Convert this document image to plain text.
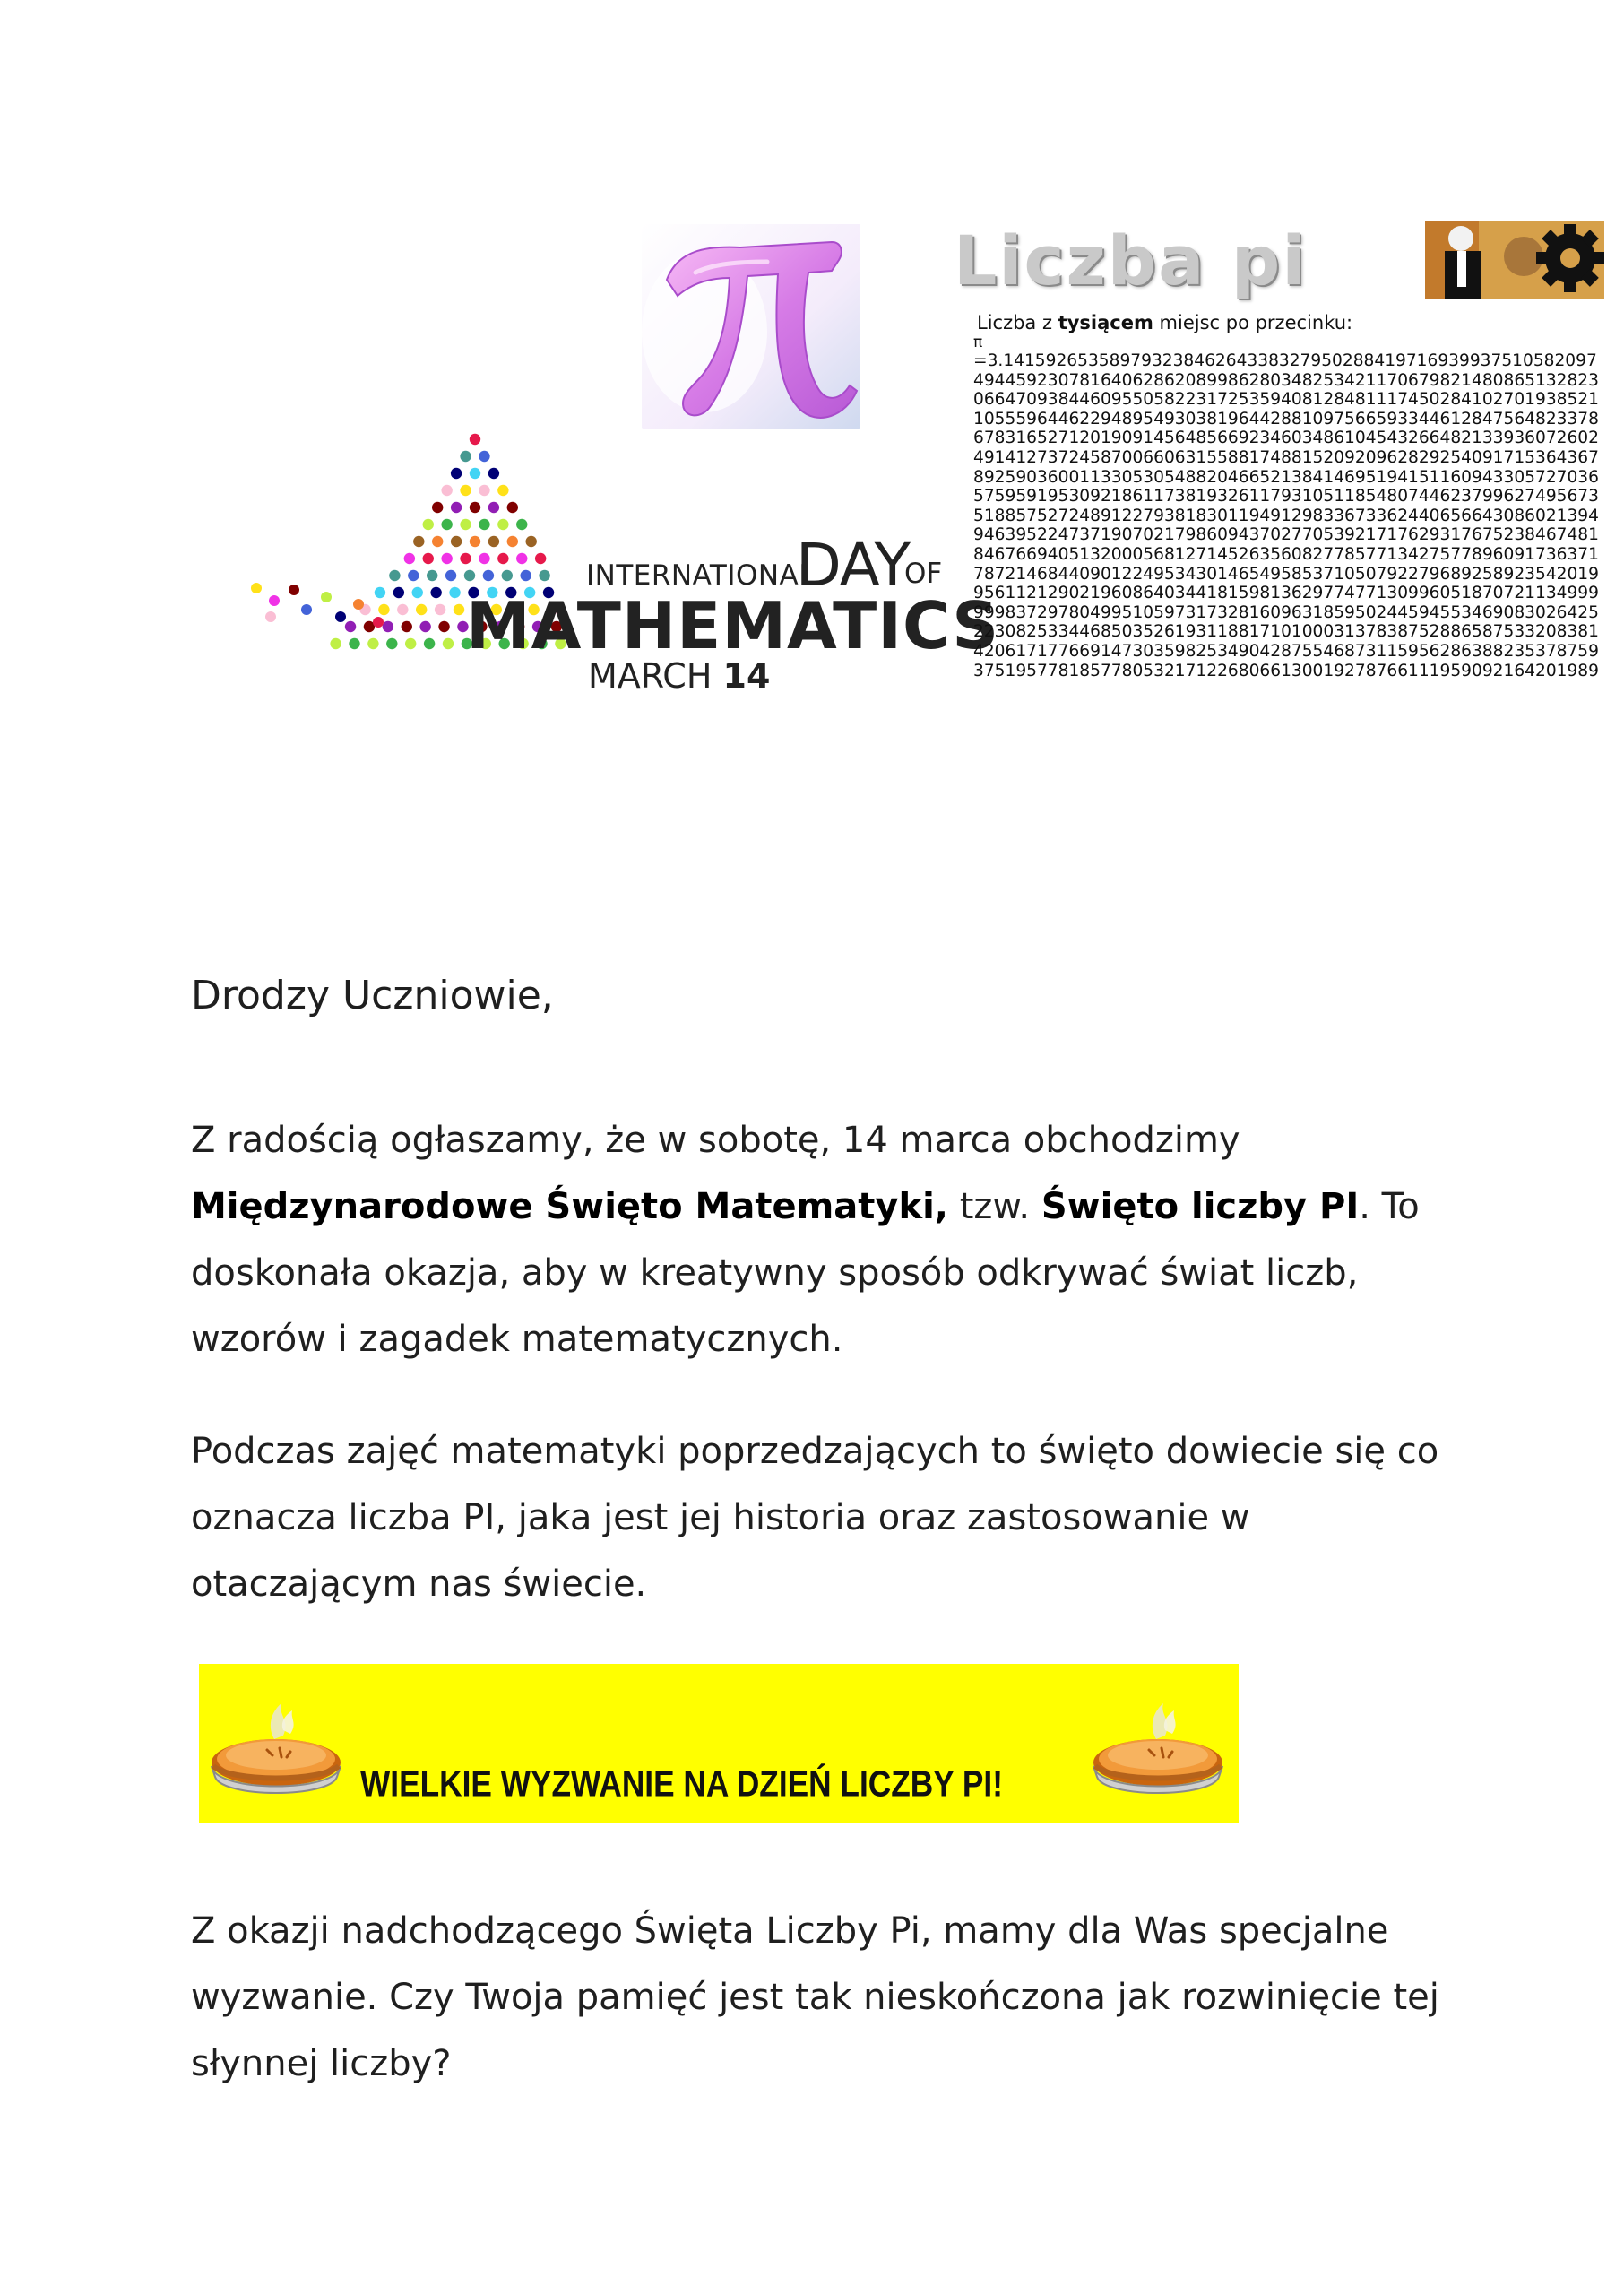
INTERNATIONAL
DAY
OF
MATHEMATICS
MARCH 14
Liczba pi
Liczba z tysiącem miejsc po przecinku:
π
=3.1415926535897932384626433832795028841971693993751058209749445923078164062862089986280348253421170679821480865132823066470938446095505822317253594081284811174502841027019385211055596446229489549303819644288109756659334461284756482337867831652712019091456485669234603486104543266482133936072602491412737245870066063155881748815209209628292540917153643678925903600113305305488204665213841469519415116094330572703657595919530921861173819326117931051185480744623799627495673518857527248912279381830119491298336733624406566430860213949463952247371907021798609437027705392171762931767523846748184676694051320005681271452635608277857713427577896091736371787214684409012249534301465495853710507922796892589235420199561121290219608640344181598136297747713099605187072113499999983729780499510597317328160963185950244594553469083026425223082533446850352619311881710100031378387528865875332083814206171776691473035982534904287554687311595628638823537875937519577818577805321712268066130019278766111959092164201989
Drodzy Uczniowie,
Z radością ogłaszamy, że w sobotę, 14 marca obchodzimy Międzynarodowe Święto Matematyki, tzw. Święto liczby PI. To doskonała okazja, aby w kreatywny sposób odkrywać świat liczb, wzorów i zagadek matematycznych.
Podczas zajęć matematyki poprzedzających to święto dowiecie się co oznacza liczba PI, jaka jest jej historia oraz zastosowanie w otaczającym nas świecie.
WIELKIE WYZWANIE NA DZIEŃ LICZBY PI!
Z okazji nadchodzącego Święta Liczby Pi, mamy dla Was specjalne wyzwanie. Czy Twoja pamięć jest tak nieskończona jak rozwinięcie tej słynnej liczby?
